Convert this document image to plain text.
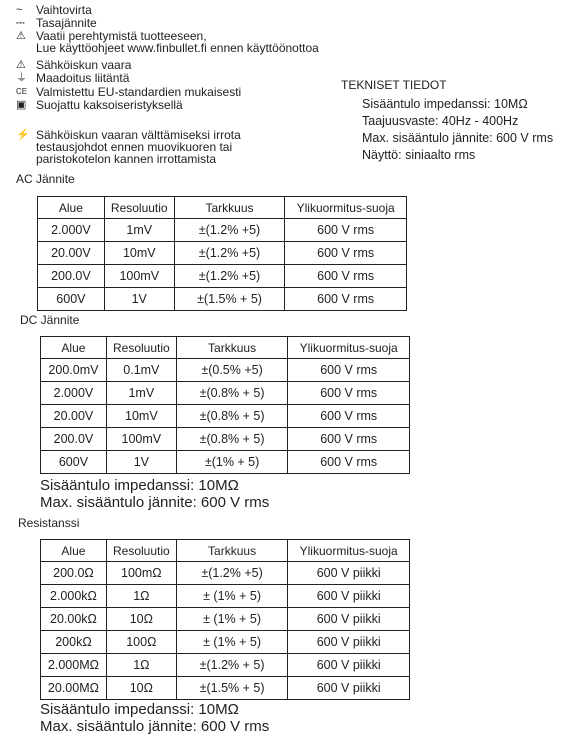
~	Vaihtovirta
⎓ Tasajännite
⚠ Vaatii perehtymistä tuotteeseen,
Lue käyttöohjeet www.finbullet.fi ennen käyttöönottoa
⚠ Sähköiskun vaara
⏚ Maadoitus liitäntä
CE Valmistettu EU-standardien mukaisesti
▣ Suojattu kaksoiseristyksellä
⚡ Sähköiskun vaaran välttämiseksi irrota
testausjohdot ennen muovikuoren tai
paristokotelon kannen irrottamista
TEKNISET TIEDOT
Sisääntulo impedanssi: 10MΩ
Taajuusvaste: 40Hz - 400Hz
Max. sisääntulo jännite: 600 V rms
Näyttö: siniaalto rms
AC Jännite
Alue	Resoluutio	Tarkkuus	Ylikuormitus-suoja
2.000V	1mV	±(1.2% +5)	600 V rms
20.00V	10mV	±(1.2% +5)	600 V rms
200.0V	100mV	±(1.2% +5)	600 V rms
600V	1V	±(1.5% + 5)	600 V rms
DC Jännite
Alue	Resoluutio	Tarkkuus	Ylikuormitus-suoja
200.0mV	0.1mV	±(0.5% +5)	600 V rms
2.000V	1mV	±(0.8% + 5)	600 V rms
20.00V	10mV	±(0.8% + 5)	600 V rms
200.0V	100mV	±(0.8% + 5)	600 V rms
600V	1V	±(1% + 5)	600 V rms
Sisääntulo impedanssi: 10MΩ
Max. sisääntulo jännite: 600 V rms
Resistanssi
Alue	Resoluutio	Tarkkuus	Ylikuormitus-suoja
200.0Ω	100mΩ	±(1.2% +5)	600 V piikki
2.000kΩ	1Ω	± (1% + 5)	600 V piikki
20.00kΩ	10Ω	± (1% + 5)	600 V piikki
200kΩ	100Ω	± (1% + 5)	600 V piikki
2.000MΩ	1Ω	±(1.2% + 5)	600 V piikki
20.00MΩ	10Ω	±(1.5% + 5)	600 V piikki
Sisääntulo impedanssi: 10MΩ
Max. sisääntulo jännite: 600 V rms
